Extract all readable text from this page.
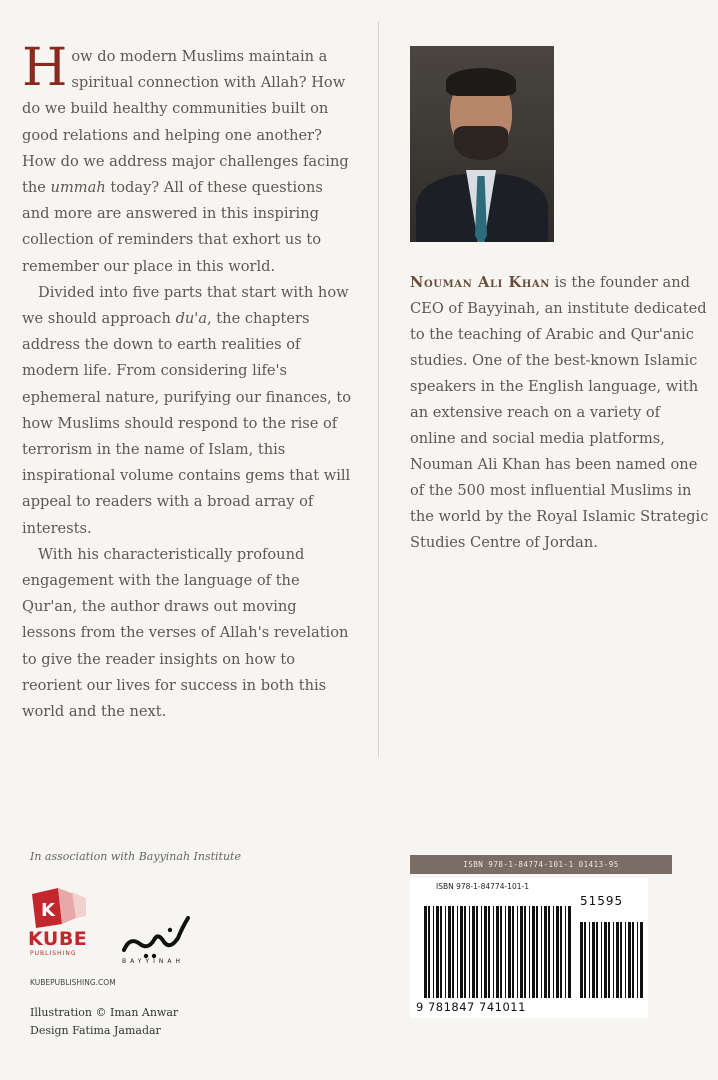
How do modern Muslims maintain a spiritual connection with Allah? How do we build healthy communities built on good relations and helping one another? How do we address major challenges facing the ummah today? All of these questions and more are answered in this inspiring collection of reminders that exhort us to remember our place in this world.

Divided into five parts that start with how we should approach du'a, the chapters address the down to earth realities of modern life. From considering life's ephemeral nature, purifying our finances, to how Muslims should respond to the rise of terrorism in the name of Islam, this inspirational volume contains gems that will appeal to readers with a broad array of interests.

With his characteristically profound engagement with the language of the Qur'an, the author draws out moving lessons from the verses of Allah's revelation to give the reader insights on how to reorient our lives for success in both this world and the next.

Nouman Ali Khan is the founder and CEO of Bayyinah, an institute dedicated to the teaching of Arabic and Qur'anic studies. One of the best-known Islamic speakers in the English language, with an extensive reach on a variety of online and social media platforms, Nouman Ali Khan has been named one of the 500 most influential Muslims in the world by the Royal Islamic Strategic Studies Centre of Jordan.

In association with Bayyinah Institute
K
KUBE
PUBLISHING
BAYYINAH
KUBEPUBLISHING.COM
Illustration © Iman Anwar
Design Fatima Jamadar
ISBN 978-1-84774-101-1 01413-95
ISBN 978-1-84774-101-1
51595
9 781847 741011
